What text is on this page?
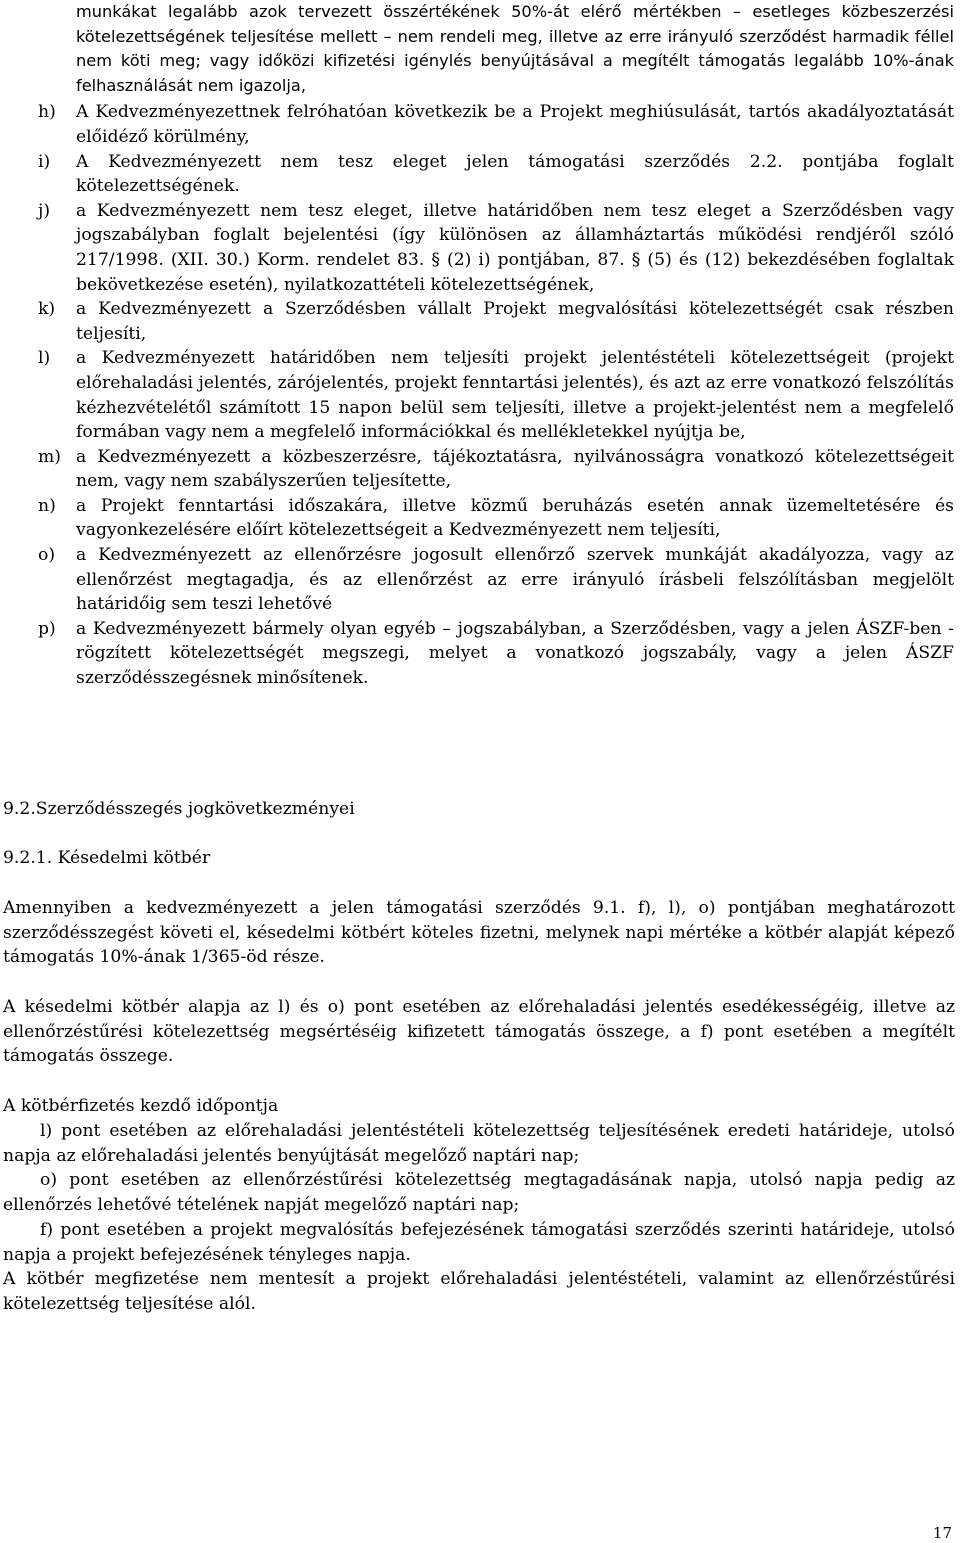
munkákat legalább azok tervezett összértékének 50%-át elérő mértékben – esetleges közbeszerzési kötelezettségének teljesítése mellett – nem rendeli meg, illetve az erre irányuló szerződést harmadik féllel nem köti meg; vagy időközi kifizetési igénylés benyújtásával a megítélt támogatás legalább 10%-ának felhasználását nem igazolja,
h) A Kedvezményezettnek felróhatóan következik be a Projekt meghiúsulását, tartós akadályoztatását előidéző körülmény,
i) A Kedvezményezett nem tesz eleget jelen támogatási szerződés 2.2. pontjába foglalt kötelezettségének.
j) a Kedvezményezett nem tesz eleget, illetve határidőben nem tesz eleget a Szerződésben vagy jogszabályban foglalt bejelentési (így különösen az államháztartás működési rendjéről szóló 217/1998. (XII. 30.) Korm. rendelet 83. § (2) i) pontjában, 87. § (5) és (12) bekezdésében foglaltak bekövetkezése esetén), nyilatkozattételi kötelezettségének,
k) a Kedvezményezett a Szerződésben vállalt Projekt megvalósítási kötelezettségét csak részben teljesíti,
l) a Kedvezményezett határidőben nem teljesíti projekt jelentéstételi kötelezettségeit (projekt előrehaladási jelentés, zárójelentés, projekt fenntartási jelentés), és azt az erre vonatkozó felszólítás kézhezvételétől számított 15 napon belül sem teljesíti, illetve a projekt-jelentést nem a megfelelő formában vagy nem a megfelelő információkkal és mellékletekkel nyújtja be,
m) a Kedvezményezett a közbeszerzésre, tájékoztatásra, nyilvánosságra vonatkozó kötelezettségeit nem, vagy nem szabályszerűen teljesítette,
n) a Projekt fenntartási időszakára, illetve közmű beruházás esetén annak üzemeltetésére és vagyonkezelésére előírt kötelezettségeit a Kedvezményezett nem teljesíti,
o) a Kedvezményezett az ellenőrzésre jogosult ellenőrző szervek munkáját akadályozza, vagy az ellenőrzést megtagadja, és az ellenőrzést az erre irányuló írásbeli felszólításban megjelölt határidőig sem teszi lehetővé
p) a Kedvezményezett bármely olyan egyéb – jogszabályban, a Szerződésben, vagy a jelen ÁSZF-ben - rögzített kötelezettségét megszegi, melyet a vonatkozó jogszabály, vagy a jelen ÁSZF szerződésszegésnek minősítenek.
9.2.Szerződésszegés jogkövetkezményei
9.2.1. Késedelmi kötbér
Amennyiben a kedvezményezett a jelen támogatási szerződés 9.1. f), l), o) pontjában meghatározott szerződésszegést követi el, késedelmi kötbért köteles fizetni, melynek napi mértéke a kötbér alapját képező támogatás 10%-ának 1/365-öd része.
A késedelmi kötbér alapja az l) és o) pont esetében az előrehaladási jelentés esedékességéig, illetve az ellenőrzéstűrési kötelezettség megsértéséig kifizetett támogatás összege, a f) pont esetében a megítélt támogatás összege.
A kötbérfizetés kezdő időpontja
l) pont esetében az előrehaladási jelentéstételi kötelezettség teljesítésének eredeti határideje, utolsó napja az előrehaladási jelentés benyújtását megelőző naptári nap;
o) pont esetében az ellenőrzéstűrési kötelezettség megtagadásának napja, utolsó napja pedig az ellenőrzés lehetővé tételének napját megelőző naptári nap;
f) pont esetében a projekt megvalósítás befejezésének támogatási szerződés szerinti határideje, utolsó napja a projekt befejezésének tényleges napja.
A kötbér megfizetése nem mentesít a projekt előrehaladási jelentéstételi, valamint az ellenőrzéstűrési kötelezettség teljesítése alól.
17
